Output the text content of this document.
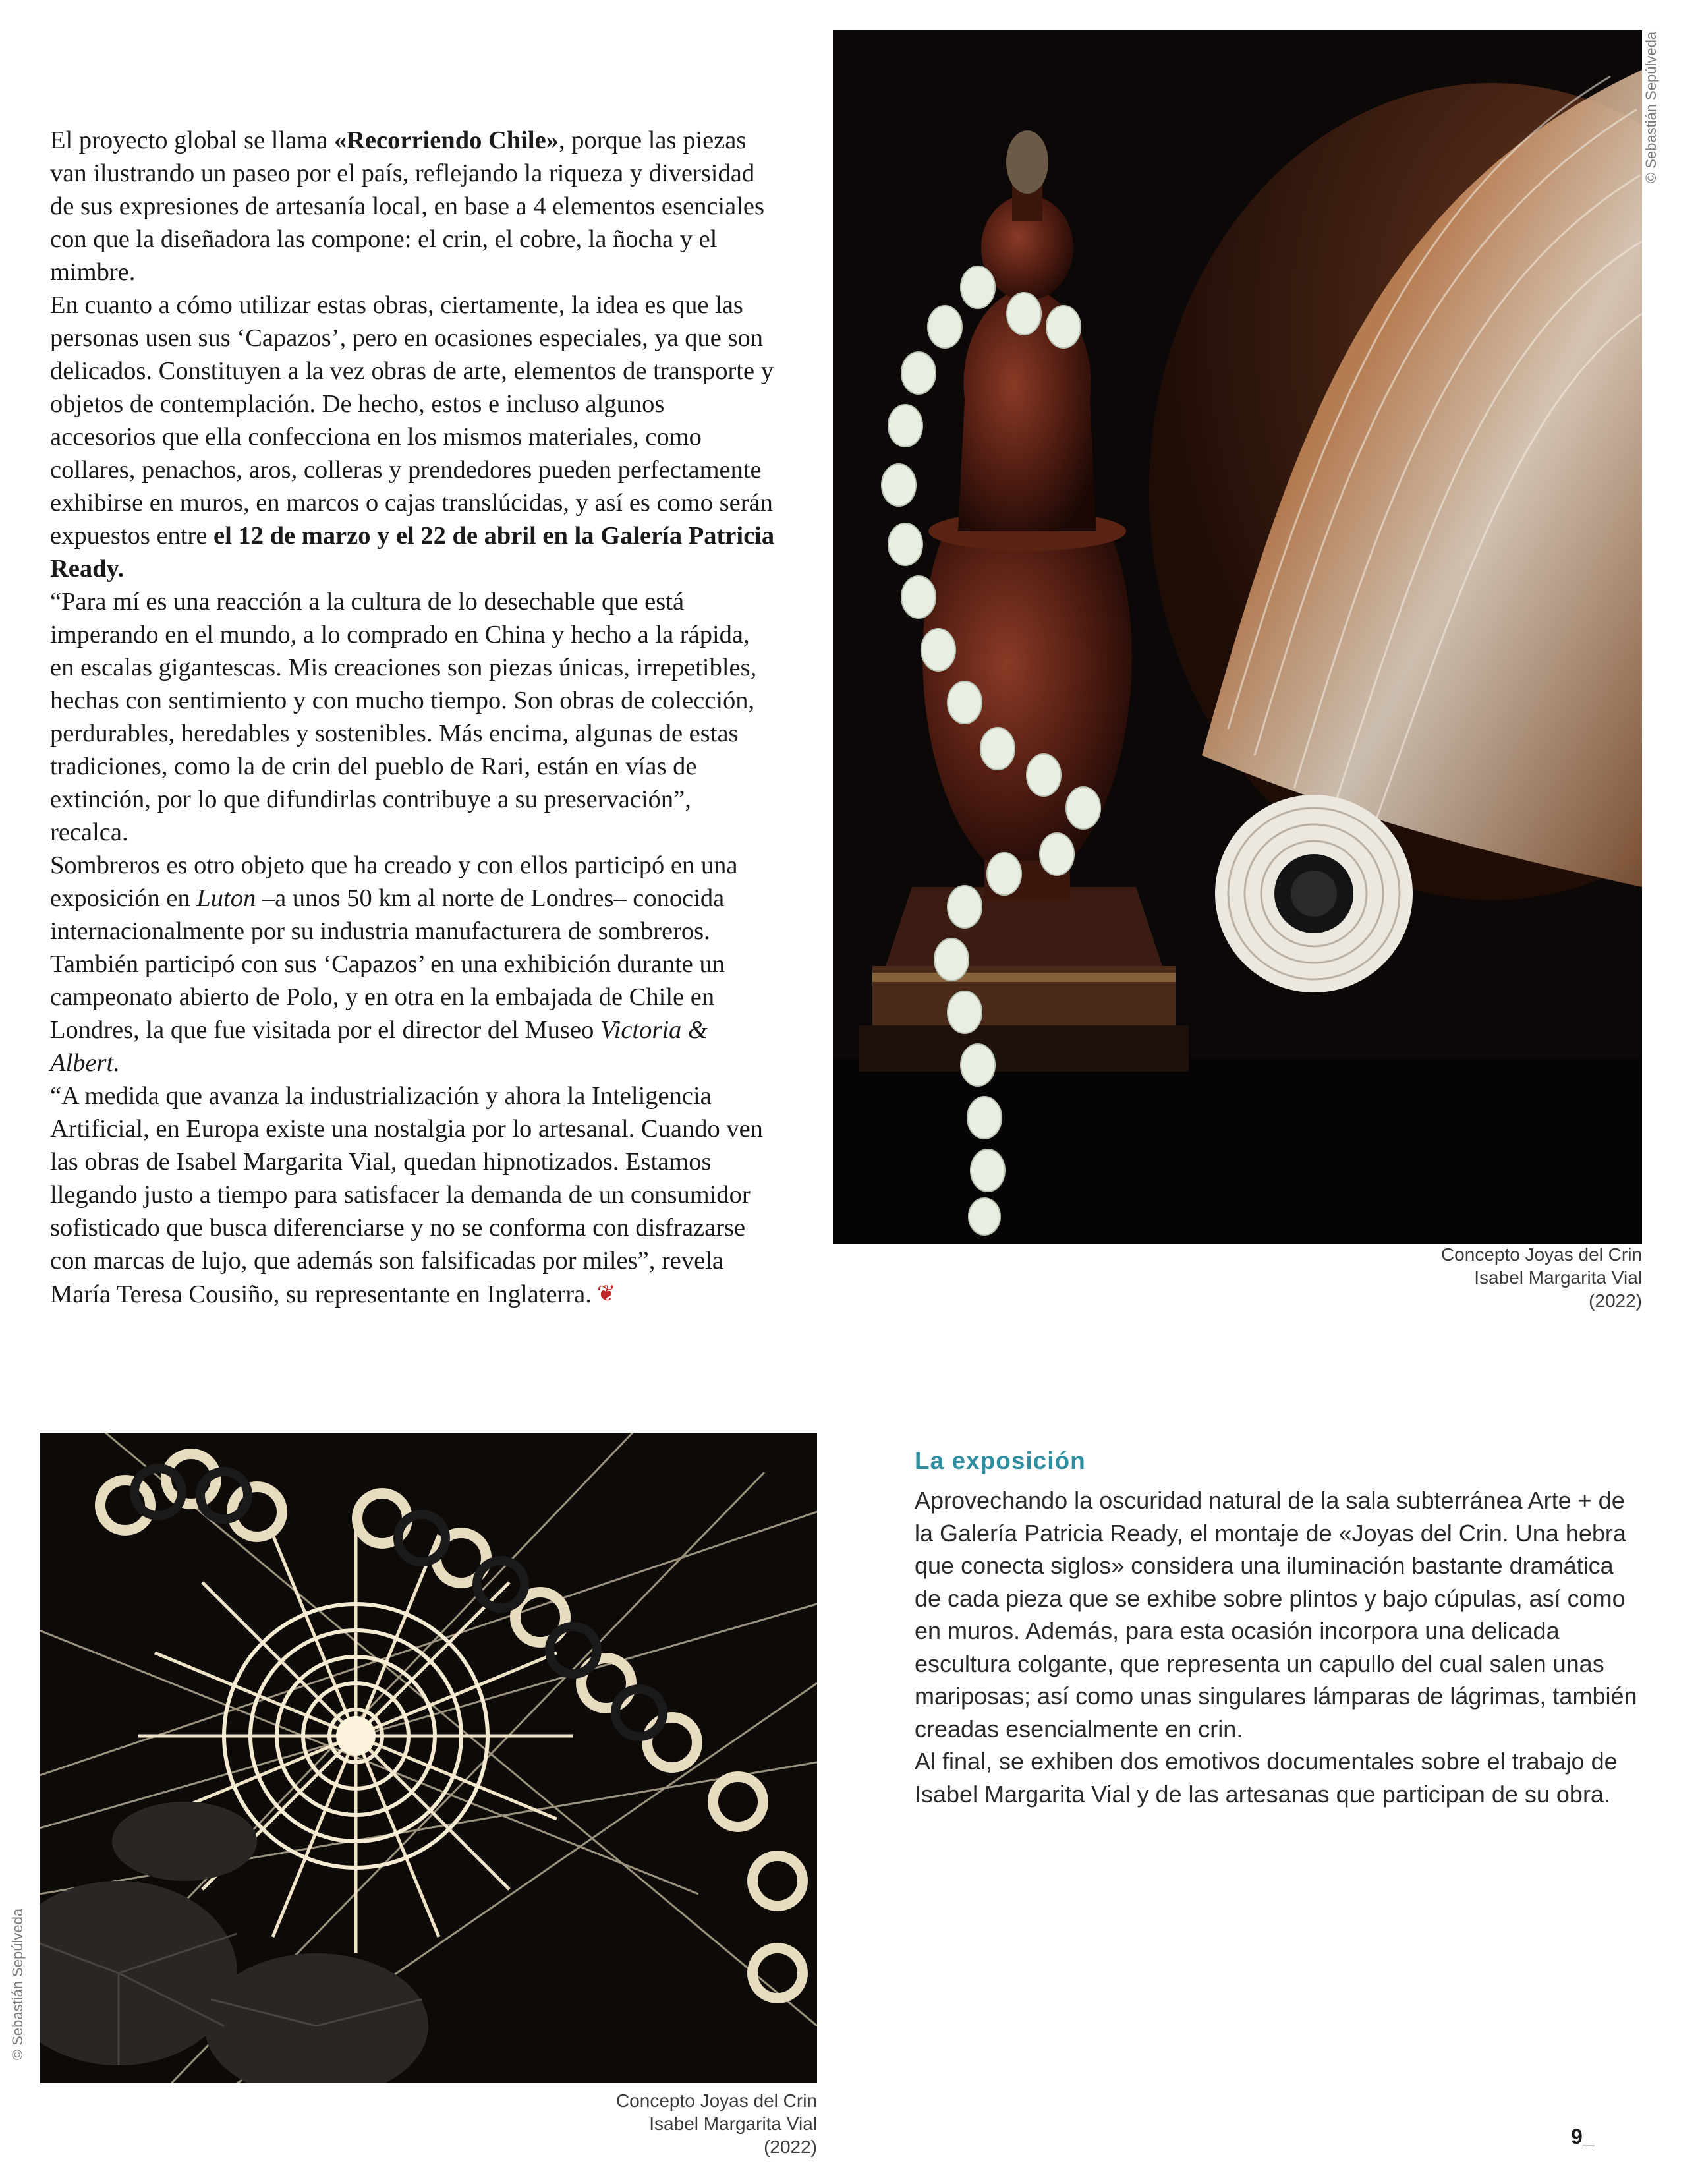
El proyecto global se llama «Recorriendo Chile», porque las piezas van ilustrando un paseo por el país, reflejando la riqueza y diversidad de sus expresiones de artesanía local, en base a 4 elementos esenciales con que la diseñadora las compone: el crin, el cobre, la ñocha y el mimbre.

En cuanto a cómo utilizar estas obras, ciertamente, la idea es que las personas usen sus ‘Capazos’, pero en ocasiones especiales, ya que son delicados. Constituyen a la vez obras de arte, elementos de transporte y objetos de contemplación. De hecho, estos e incluso algunos accesorios que ella confecciona en los mismos materiales, como collares, penachos, aros, colleras y prendedores pueden perfectamente exhibirse en muros, en marcos o cajas translúcidas, y así es como serán expuestos entre el 12 de marzo y el 22 de abril en la Galería Patricia Ready.

“Para mí es una reacción a la cultura de lo desechable que está imperando en el mundo, a lo comprado en China y hecho a la rápida, en escalas gigantescas. Mis creaciones son piezas únicas, irrepetibles, hechas con sentimiento y con mucho tiempo. Son obras de colección, perdurables, heredables y sostenibles. Más encima, algunas de estas tradiciones, como la de crin del pueblo de Rari, están en vías de extinción, por lo que difundirlas contribuye a su preservación”, recalca.

Sombreros es otro objeto que ha creado y con ellos participó en una exposición en Luton –a unos 50 km al norte de Londres– conocida internacionalmente por su industria manufacturera de sombreros. También participó con sus ‘Capazos’ en una exhibición durante un campeonato abierto de Polo, y en otra en la embajada de Chile en Londres, la que fue visitada por el director del Museo Victoria & Albert.

“A medida que avanza la industrialización y ahora la Inteligencia Artificial, en Europa existe una nostalgia por lo artesanal. Cuando ven las obras de Isabel Margarita Vial, quedan hipnotizados. Estamos llegando justo a tiempo para satisfacer la demanda de un consumidor sofisticado que busca diferenciarse y no se conforma con disfrazarse con marcas de lujo, que además son falsificadas por miles”, revela María Teresa Cousiño, su representante en Inglaterra. ❦

© Sebastián Sepúlveda
Concepto Joyas del Crin
Isabel Margarita Vial
(2022)
© Sebastián Sepúlveda
Concepto Joyas del Crin
Isabel Margarita Vial
(2022)
La exposición

Aprovechando la oscuridad natural de la sala subterránea Arte + de la Galería Patricia Ready, el montaje de «Joyas del Crin. Una hebra que conecta siglos» considera una iluminación bastante dramática de cada pieza que se exhibe sobre plintos y bajo cúpulas, así como en muros. Además, para esta ocasión incorpora una delicada escultura colgante, que representa un capullo del cual salen unas mariposas; así como unas singulares lámparas de lágrimas, también creadas esencialmente en crin.

Al final, se exhiben dos emotivos documentales sobre el trabajo de Isabel Margarita Vial y de las artesanas que participan de su obra.

9_
